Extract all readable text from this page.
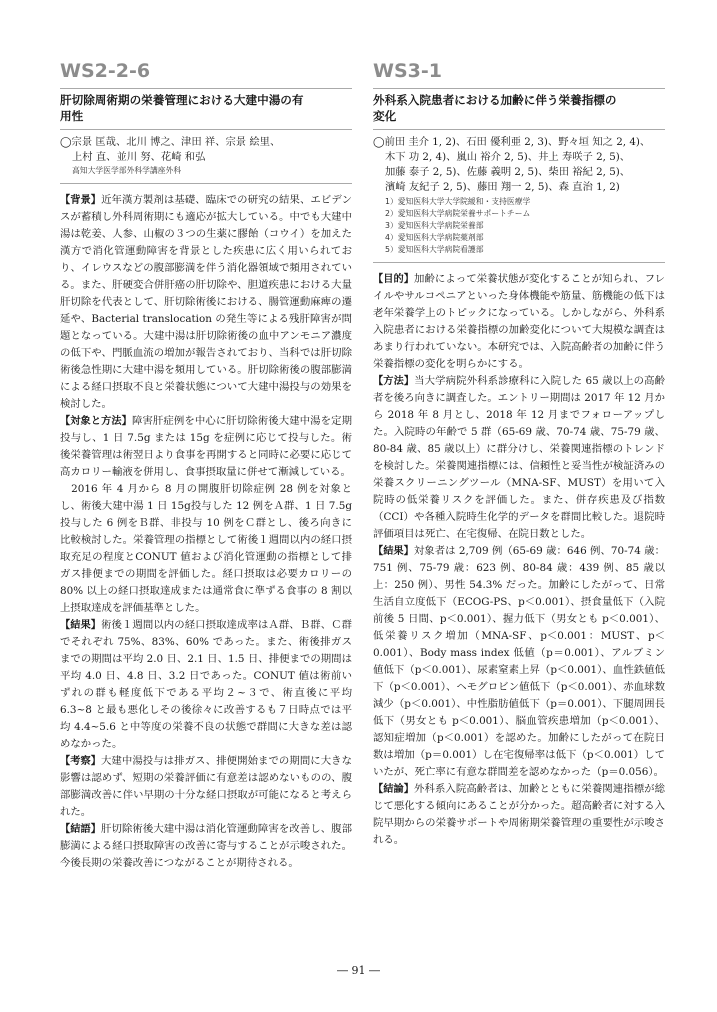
WS2-2-6
肝切除周術期の栄養管理における大建中湯の有
用性
◯宗景 匡哉、北川 博之、津田 祥、宗景 絵里、
上村 直、並川 努、花崎 和弘
高知大学医学部外科学講座外科

【背景】近年漢方製剤は基礎、臨床での研究の結果、エビデンスが蓄積し外科周術期にも適応が拡大している。中でも大建中湯は乾姜、人参、山椒の３つの生薬に膠飴（コウイ）を加えた漢方で消化管運動障害を背景とした疾患に広く用いられており、イレウスなどの腹部膨満を伴う消化器領域で頻用されている。また、肝硬変合併肝癌の肝切除や、胆道疾患における大量肝切除を代表として、肝切除術後における、腸管運動麻痺の遷延や、Bacterial translocation の発生等による残肝障害が問題となっている。大建中湯は肝切除術後の血中アンモニア濃度の低下や、門脈血流の増加が報告されており、当科では肝切除術後急性期に大建中湯を頻用している。肝切除術後の腹部膨満による経口摂取不良と栄養状態について大建中湯投与の効果を検討した。

【対象と方法】障害肝症例を中心に肝切除術後大建中湯を定期投与し、1 日 7.5g または 15g を症例に応じて投与した。術後栄養管理は術翌日より食事を再開すると同時に必要に応じて高カロリー輸液を併用し、食事摂取量に併せて漸減している。

　2016 年 4 月から 8 月の開腹肝切除症例 28 例を対象とし、術後大建中湯 1 日 15g投与した 12 例をＡ群、1 日 7.5g 投与した 6 例をＢ群、非投与 10 例をＣ群とし、後ろ向きに比較検討した。栄養管理の指標として術後１週間以内の経口摂取充足の程度とCONUT 値および消化管運動の指標として排ガス排便までの期間を評価した。経口摂取は必要カロリーの 80% 以上の経口摂取達成または通常食に準ずる食事の 8 割以上摂取達成を評価基準とした。

【結果】術後１週間以内の経口摂取達成率はＡ群、Ｂ群、Ｃ群でそれぞれ 75%、83%、60% であった。また、術後排ガスまでの期間は平均 2.0 日、2.1 日、1.5 日、排便までの期間は平均 4.0 日、4.8 日、3.2 日であった。CONUT 値は術前いずれの群も軽度低下である平均２~３で、術直後に平均 6.3~8 と最も悪化しその後徐々に改善するも７日時点では平均 4.4~5.6 と中等度の栄養不良の状態で群間に大きな差は認めなかった。

【考察】大建中湯投与は排ガス、排便開始までの期間に大きな影響は認めず、短期の栄養評価に有意差は認めないものの、腹部膨満改善に伴い早期の十分な経口摂取が可能になると考えられた。

【結語】肝切除術後大建中湯は消化管運動障害を改善し、腹部膨満による経口摂取障害の改善に寄与することが示唆された。今後長期の栄養改善につながることが期待される。

WS3-1
外科系入院患者における加齢に伴う栄養指標の
変化
◯前田 圭介 1, 2)、石田 優利亜 2, 3)、野々垣 知之 2, 4)、
木下 功 2, 4)、嵐山 裕介 2, 5)、井上 寿咲子 2, 5)、
加藤 泰子 2, 5)、佐藤 義明 2, 5)、柴田 裕紀 2, 5)、
濱崎 友紀子 2, 5)、藤田 翔一 2, 5)、森 直治 1, 2)
1）愛知医科大学大学院緩和・支持医療学
2）愛知医科大学病院栄養サポートチーム
3）愛知医科大学病院栄養部
4）愛知医科大学病院薬剤部
5）愛知医科大学病院看護部

【目的】加齢によって栄養状態が変化することが知られ、フレイルやサルコペニアといった身体機能や筋量、筋機能の低下は老年栄養学上のトピックになっている。しかしながら、外科系入院患者における栄養指標の加齢変化について大規模な調査はあまり行われていない。本研究では、入院高齢者の加齢に伴う栄養指標の変化を明らかにする。

【方法】当大学病院外科系診療科に入院した 65 歳以上の高齢者を後ろ向きに調査した。エントリー期間は 2017 年 12 月から 2018 年 8 月とし、2018 年 12 月までフォローアップした。入院時の年齢で 5 群（65-69 歳、70-74 歳、75-79 歳、80-84 歳、85 歳以上）に群分けし、栄養関連指標のトレンドを検討した。栄養関連指標には、信頼性と妥当性が検証済みの栄養スクリーニングツール（MNA-SF、MUST）を用いて入院時の低栄養リスクを評価した。また、併存疾患及び指数（CCI）や各種入院時生化学的データを群間比較した。退院時評価項目は死亡、在宅復帰、在院日数とした。

【結果】対象者は 2,709 例（65-69 歳：646 例、70-74 歳：751 例、75-79 歳：623 例、80-84 歳：439 例、85 歳以上：250 例）、男性 54.3% だった。加齢にしたがって、日常生活自立度低下（ECOG-PS、p＜0.001）、摂食量低下（入院前後 5 日間、p＜0.001）、握力低下（男女とも p＜0.001）、低栄養リスク増加（MNA-SF、p＜0.001：MUST、p＜0.001）、Body mass index 低値（p＝0.001）、アルブミン値低下（p＜0.001）、尿素窒素上昇（p＜0.001）、血性鉄値低下（p＜0.001）、ヘモグロビン値低下（p＜0.001）、赤血球数減少（p＜0.001）、中性脂肪値低下（p＝0.001）、下腿周囲長低下（男女とも p＜0.001）、脳血管疾患増加（p＜0.001）、認知症増加（p＜0.001）を認めた。加齢にしたがって在院日数は増加（p＝0.001）し在宅復帰率は低下（p＜0.001）していたが、死亡率に有意な群間差を認めなかった（p＝0.056）。

【結論】外科系入院高齢者は、加齢とともに栄養関連指標が総じて悪化する傾向にあることが分かった。超高齢者に対する入院早期からの栄養サポートや周術期栄養管理の重要性が示唆される。

― 91 ―
